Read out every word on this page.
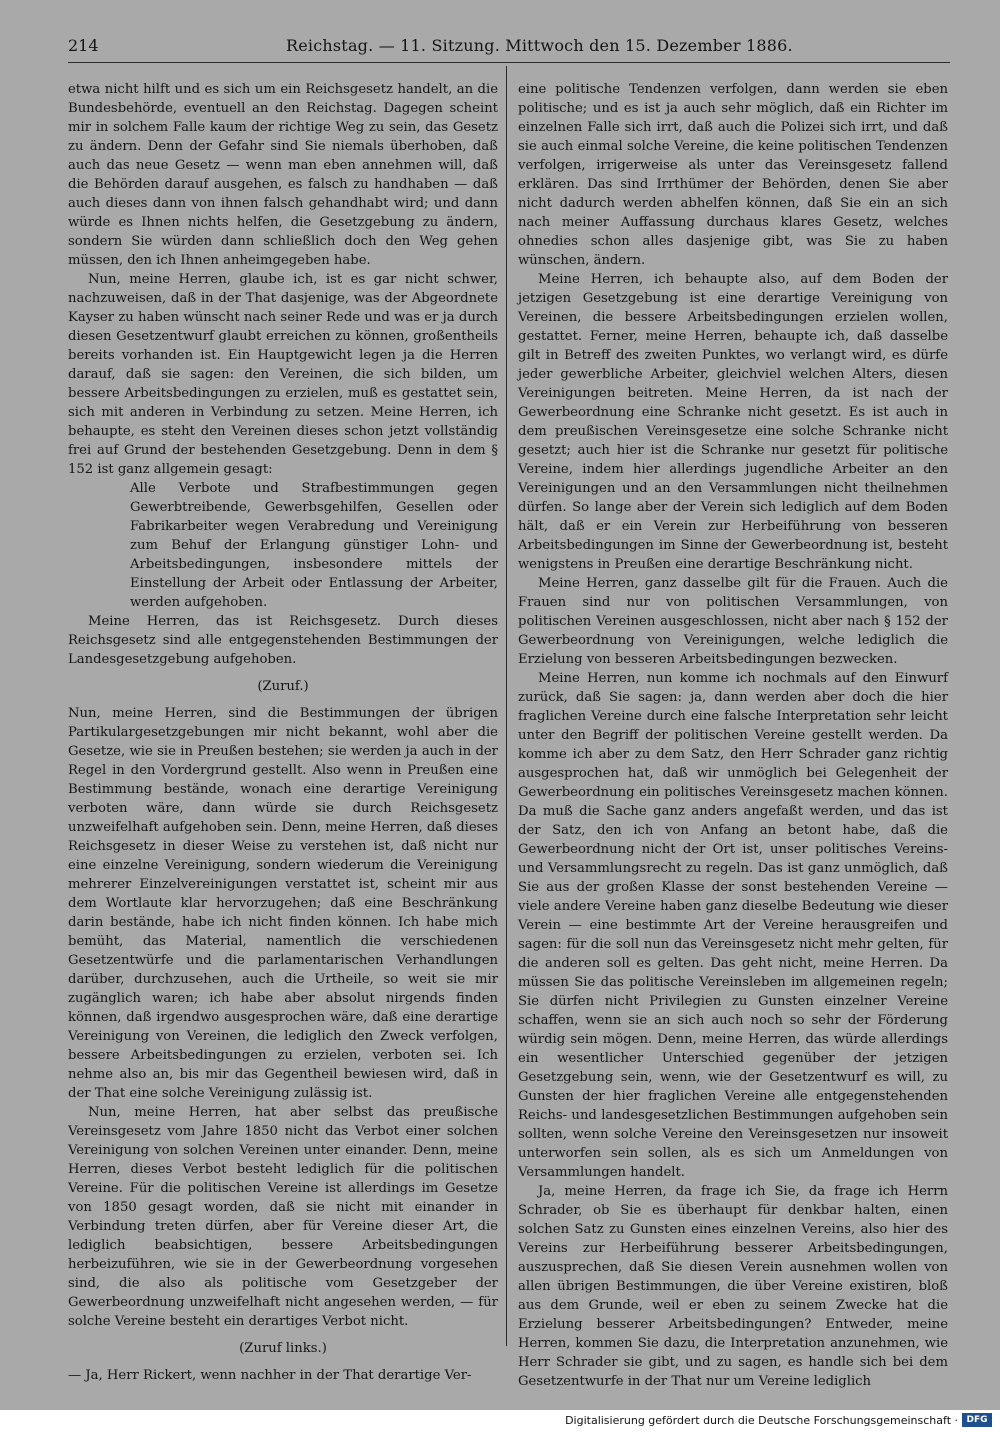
214	Reichstag. — 11. Sitzung. Mittwoch den 15. Dezember 1886.

etwa nicht hilft und es sich um ein Reichsgesetz handelt, an die Bundesbehörde, eventuell an den Reichstag. Dagegen scheint mir in solchem Falle kaum der richtige Weg zu sein, das Gesetz zu ändern. Denn der Gefahr sind Sie niemals überhoben, daß auch das neue Gesetz — wenn man eben annehmen will, daß die Behörden darauf ausgehen, es falsch zu handhaben — daß auch dieses dann von ihnen falsch gehandhabt wird; und dann würde es Ihnen nichts helfen, die Gesetzgebung zu ändern, sondern Sie würden dann schließlich doch den Weg gehen müssen, den ich Ihnen anheimgegeben habe.

Nun, meine Herren, glaube ich, ist es gar nicht schwer, nachzuweisen, daß in der That dasjenige, was der Abgeordnete Kayser zu haben wünscht nach seiner Rede und was er ja durch diesen Gesetzentwurf glaubt erreichen zu können, großentheils bereits vorhanden ist. Ein Hauptgewicht legen ja die Herren darauf, daß sie sagen: den Vereinen, die sich bilden, um bessere Arbeitsbedingungen zu erzielen, muß es gestattet sein, sich mit anderen in Verbindung zu setzen. Meine Herren, ich behaupte, es steht den Vereinen dieses schon jetzt vollständig frei auf Grund der bestehenden Gesetzgebung. Denn in dem § 152 ist ganz allgemein gesagt:

Alle Verbote und Strafbestimmungen gegen Gewerbtreibende, Gewerbsgehilfen, Gesellen oder Fabrikarbeiter wegen Verabredung und Vereinigung zum Behuf der Erlangung günstiger Lohn- und Arbeitsbedingungen, insbesondere mittels der Einstellung der Arbeit oder Entlassung der Arbeiter, werden aufgehoben.

Meine Herren, das ist Reichsgesetz. Durch dieses Reichsgesetz sind alle entgegenstehenden Bestimmungen der Landesgesetzgebung aufgehoben.

(Zuruf.)

Nun, meine Herren, sind die Bestimmungen der übrigen Partikulargesetzgebungen mir nicht bekannt, wohl aber die Gesetze, wie sie in Preußen bestehen; sie werden ja auch in der Regel in den Vordergrund gestellt. Also wenn in Preußen eine Bestimmung bestände, wonach eine derartige Vereinigung verboten wäre, dann würde sie durch Reichsgesetz unzweifelhaft aufgehoben sein. Denn, meine Herren, daß dieses Reichsgesetz in dieser Weise zu verstehen ist, daß nicht nur eine einzelne Vereinigung, sondern wiederum die Vereinigung mehrerer Einzelvereinigungen verstattet ist, scheint mir aus dem Wortlaute klar hervorzugehen; daß eine Beschränkung darin bestände, habe ich nicht finden können. Ich habe mich bemüht, das Material, namentlich die verschiedenen Gesetzentwürfe und die parlamentarischen Verhandlungen darüber, durchzusehen, auch die Urtheile, so weit sie mir zugänglich waren; ich habe aber absolut nirgends finden können, daß irgendwo ausgesprochen wäre, daß eine derartige Vereinigung von Vereinen, die lediglich den Zweck verfolgen, bessere Arbeitsbedingungen zu erzielen, verboten sei. Ich nehme also an, bis mir das Gegentheil bewiesen wird, daß in der That eine solche Vereinigung zulässig ist.

Nun, meine Herren, hat aber selbst das preußische Vereinsgesetz vom Jahre 1850 nicht das Verbot einer solchen Vereinigung von solchen Vereinen unter einander. Denn, meine Herren, dieses Verbot besteht lediglich für die politischen Vereine. Für die politischen Vereine ist allerdings im Gesetze von 1850 gesagt worden, daß sie nicht mit einander in Verbindung treten dürfen, aber für Vereine dieser Art, die lediglich beabsichtigen, bessere Arbeitsbedingungen herbeizuführen, wie sie in der Gewerbeordnung vorgesehen sind, die also als politische vom Gesetzgeber der Gewerbeordnung unzweifelhaft nicht angesehen werden, — für solche Vereine besteht ein derartiges Verbot nicht.

(Zuruf links.)

— Ja, Herr Rickert, wenn nachher in der That derartige Ver-

eine politische Tendenzen verfolgen, dann werden sie eben politische; und es ist ja auch sehr möglich, daß ein Richter im einzelnen Falle sich irrt, daß auch die Polizei sich irrt, und daß sie auch einmal solche Vereine, die keine politischen Tendenzen verfolgen, irrigerweise als unter das Vereinsgesetz fallend erklären. Das sind Irrthümer der Behörden, denen Sie aber nicht dadurch werden abhelfen können, daß Sie ein an sich nach meiner Auffassung durchaus klares Gesetz, welches ohnedies schon alles dasjenige gibt, was Sie zu haben wünschen, ändern.

Meine Herren, ich behaupte also, auf dem Boden der jetzigen Gesetzgebung ist eine derartige Vereinigung von Vereinen, die bessere Arbeitsbedingungen erzielen wollen, gestattet. Ferner, meine Herren, behaupte ich, daß dasselbe gilt in Betreff des zweiten Punktes, wo verlangt wird, es dürfe jeder gewerbliche Arbeiter, gleichviel welchen Alters, diesen Vereinigungen beitreten. Meine Herren, da ist nach der Gewerbeordnung eine Schranke nicht gesetzt. Es ist auch in dem preußischen Vereinsgesetze eine solche Schranke nicht gesetzt; auch hier ist die Schranke nur gesetzt für politische Vereine, indem hier allerdings jugendliche Arbeiter an den Vereinigungen und an den Versammlungen nicht theilnehmen dürfen. So lange aber der Verein sich lediglich auf dem Boden hält, daß er ein Verein zur Herbeiführung von besseren Arbeitsbedingungen im Sinne der Gewerbeordnung ist, besteht wenigstens in Preußen eine derartige Beschränkung nicht.

Meine Herren, ganz dasselbe gilt für die Frauen. Auch die Frauen sind nur von politischen Versammlungen, von politischen Vereinen ausgeschlossen, nicht aber nach § 152 der Gewerbeordnung von Vereinigungen, welche lediglich die Erzielung von besseren Arbeitsbedingungen bezwecken.

Meine Herren, nun komme ich nochmals auf den Einwurf zurück, daß Sie sagen: ja, dann werden aber doch die hier fraglichen Vereine durch eine falsche Interpretation sehr leicht unter den Begriff der politischen Vereine gestellt werden. Da komme ich aber zu dem Satz, den Herr Schrader ganz richtig ausgesprochen hat, daß wir unmöglich bei Gelegenheit der Gewerbeordnung ein politisches Vereinsgesetz machen können. Da muß die Sache ganz anders angefaßt werden, und das ist der Satz, den ich von Anfang an betont habe, daß die Gewerbeordnung nicht der Ort ist, unser politisches Vereins- und Versammlungsrecht zu regeln. Das ist ganz unmöglich, daß Sie aus der großen Klasse der sonst bestehenden Vereine — viele andere Vereine haben ganz dieselbe Bedeutung wie dieser Verein — eine bestimmte Art der Vereine herausgreifen und sagen: für die soll nun das Vereinsgesetz nicht mehr gelten, für die anderen soll es gelten. Das geht nicht, meine Herren. Da müssen Sie das politische Vereinsleben im allgemeinen regeln; Sie dürfen nicht Privilegien zu Gunsten einzelner Vereine schaffen, wenn sie an sich auch noch so sehr der Förderung würdig sein mögen. Denn, meine Herren, das würde allerdings ein wesentlicher Unterschied gegenüber der jetzigen Gesetzgebung sein, wenn, wie der Gesetzentwurf es will, zu Gunsten der hier fraglichen Vereine alle entgegenstehenden Reichs- und landesgesetzlichen Bestimmungen aufgehoben sein sollten, wenn solche Vereine den Vereinsgesetzen nur insoweit unterworfen sein sollen, als es sich um Anmeldungen von Versammlungen handelt.

Ja, meine Herren, da frage ich Sie, da frage ich Herrn Schrader, ob Sie es überhaupt für denkbar halten, einen solchen Satz zu Gunsten eines einzelnen Vereins, also hier des Vereins zur Herbeiführung besserer Arbeitsbedingungen, auszusprechen, daß Sie diesen Verein ausnehmen wollen von allen übrigen Bestimmungen, die über Vereine existiren, bloß aus dem Grunde, weil er eben zu seinem Zwecke hat die Erzielung besserer Arbeitsbedingungen? Entweder, meine Herren, kommen Sie dazu, die Interpretation anzunehmen, wie Herr Schrader sie gibt, und zu sagen, es handle sich bei dem Gesetzentwurfe in der That nur um Vereine lediglich

Digitalisierung gefördert durch die Deutsche Forschungsgemeinschaft · DFG
